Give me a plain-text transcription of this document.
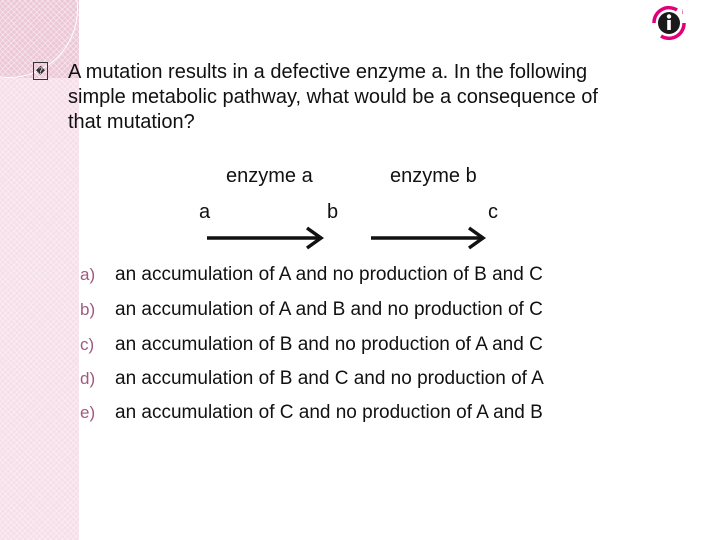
i
� A mutation results in a defective enzyme a. In the following simple metabolic pathway, what would be a consequence of that mutation?
enzyme a	enzyme b
a	b	c
a) an accumulation of A and no production of B and C
b) an accumulation of A and B and no production of C
c) an accumulation of B and no production of A and C
d) an accumulation of B and C and no production of A
e) an accumulation of C and no production of A and B
